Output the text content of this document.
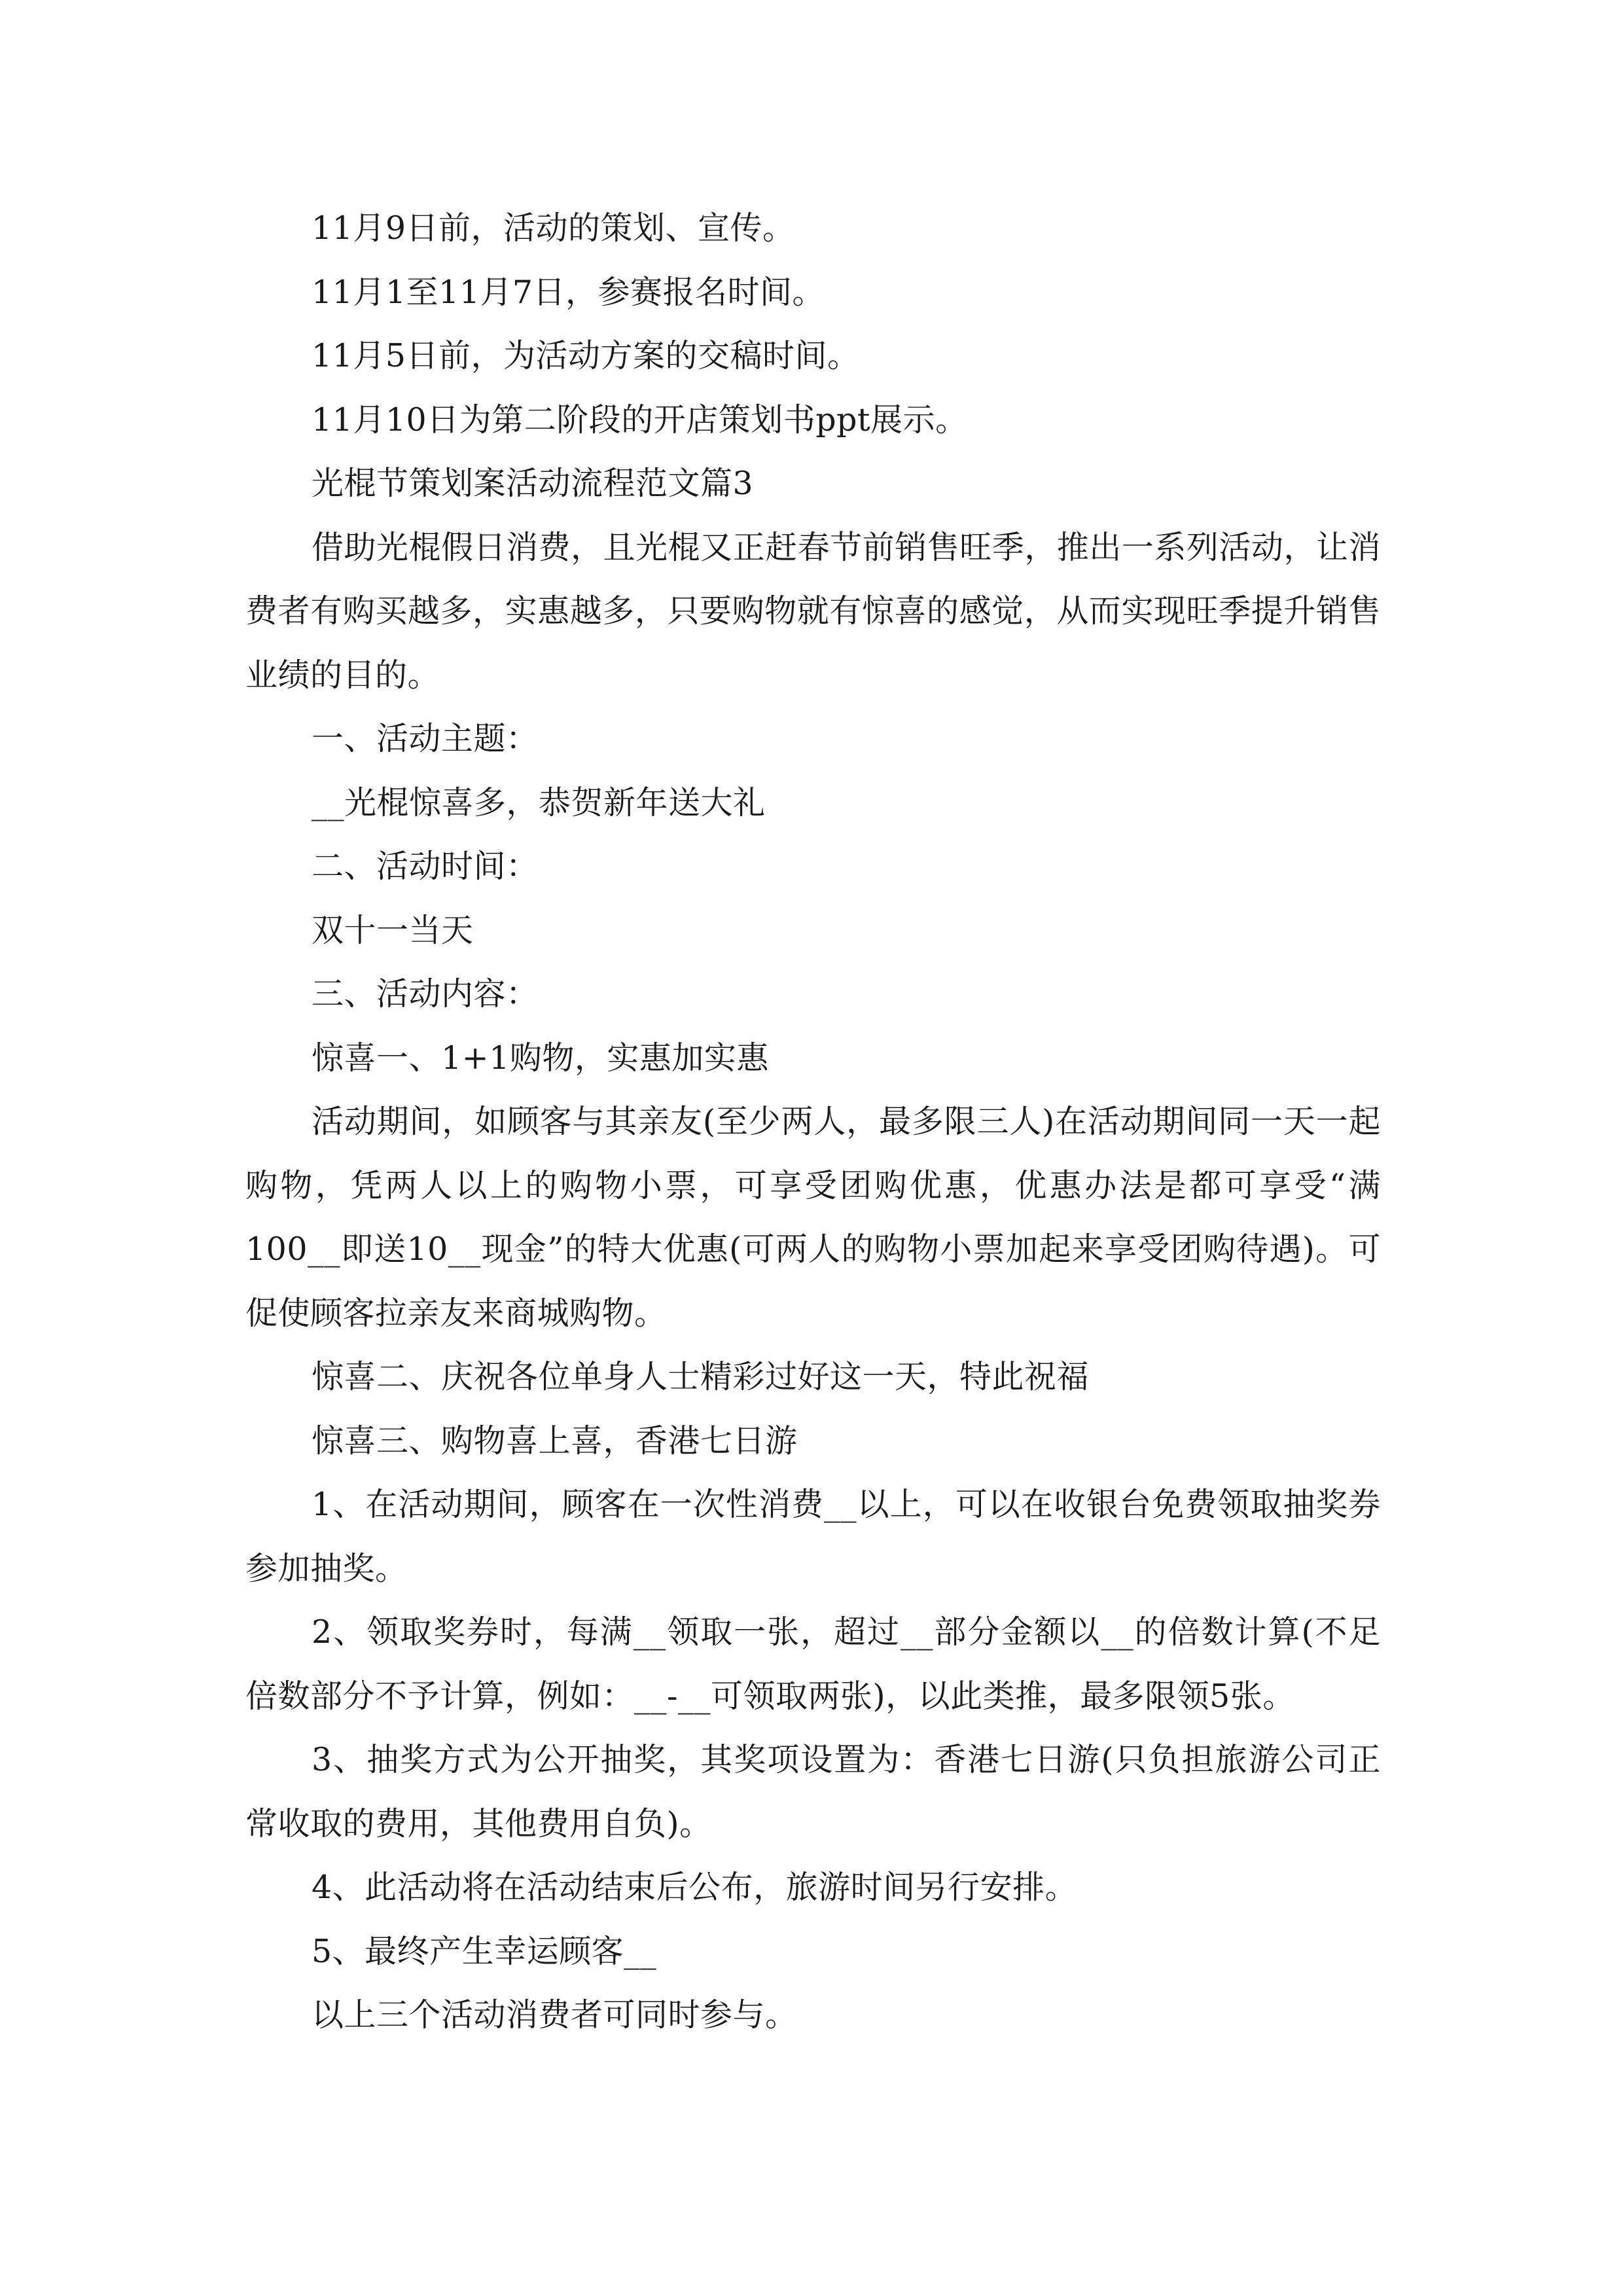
11月9日前，活动的策划、宣传。

11月1至11月7日，参赛报名时间。

11月5日前，为活动方案的交稿时间。

11月10日为第二阶段的开店策划书ppt展示。

光棍节策划案活动流程范文篇3

借助光棍假日消费，且光棍又正赶春节前销售旺季，推出一系列活动，让消费者有购买越多，实惠越多，只要购物就有惊喜的感觉，从而实现旺季提升销售业绩的目的。

一、活动主题：

__光棍惊喜多，恭贺新年送大礼

二、活动时间：

双十一当天

三、活动内容：

惊喜一、1+1购物，实惠加实惠

活动期间，如顾客与其亲友(至少两人，最多限三人)在活动期间同一天一起购物，凭两人以上的购物小票，可享受团购优惠，优惠办法是都可享受“满100__即送10__现金”的特大优惠(可两人的购物小票加起来享受团购待遇)。可促使顾客拉亲友来商城购物。

惊喜二、庆祝各位单身人士精彩过好这一天，特此祝福

惊喜三、购物喜上喜，香港七日游

1、在活动期间，顾客在一次性消费__以上，可以在收银台免费领取抽奖券参加抽奖。

2、领取奖券时，每满__领取一张，超过__部分金额以__的倍数计算(不足倍数部分不予计算，例如：__-__可领取两张)，以此类推，最多限领5张。

3、抽奖方式为公开抽奖，其奖项设置为：香港七日游(只负担旅游公司正常收取的费用，其他费用自负)。

4、此活动将在活动结束后公布，旅游时间另行安排。

5、最终产生幸运顾客__

以上三个活动消费者可同时参与。
